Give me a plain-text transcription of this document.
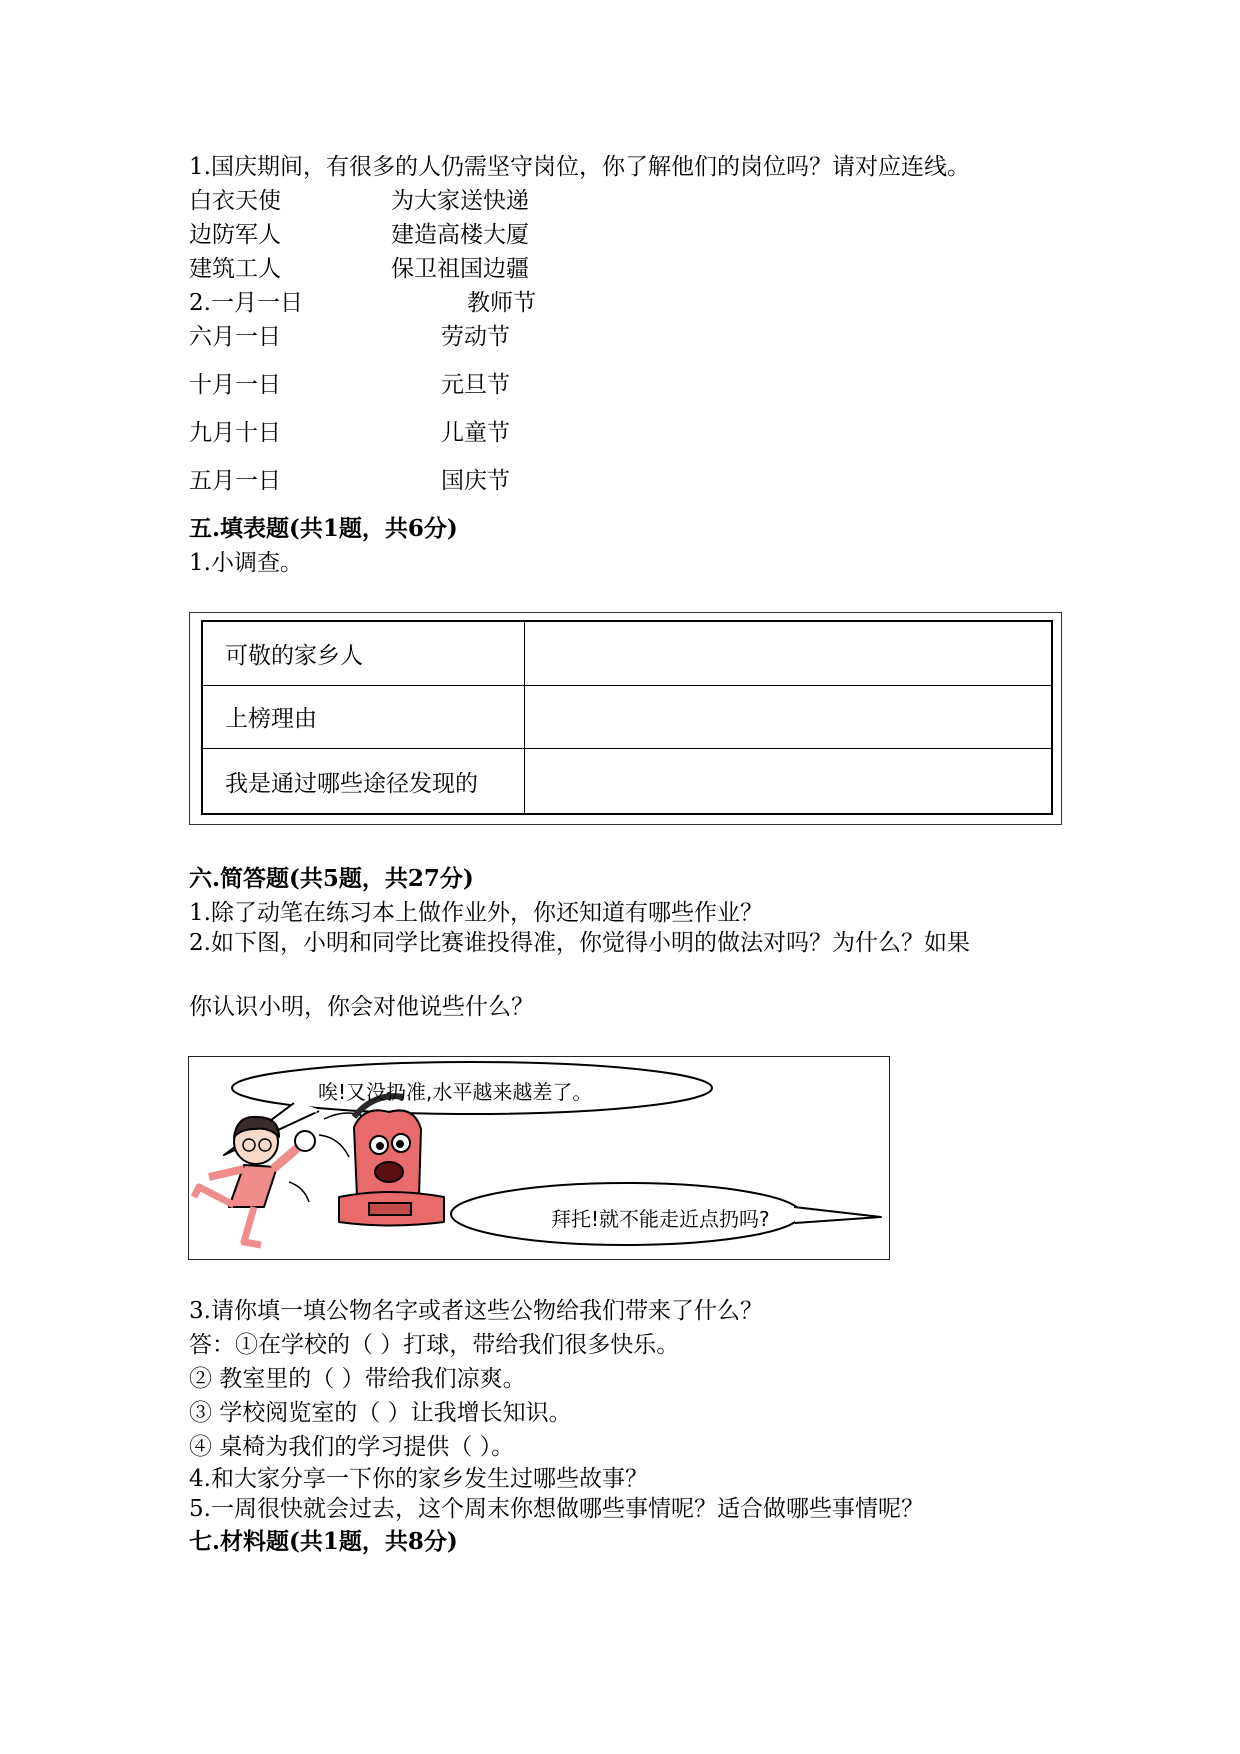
1.国庆期间，有很多的人仍需坚守岗位，你了解他们的岗位吗？请对应连线。
白衣天使	为大家送快递
边防军人	建造高楼大厦
建筑工人	保卫祖国边疆
2.一月一日	教师节
六月一日	劳动节
十月一日	元旦节
九月十日	儿童节
五月一日	国庆节
五.填表题(共1题，共6分)
1.小调查。
可敬的家乡人
上榜理由
我是通过哪些途径发现的
六.简答题(共5题，共27分)
1.除了动笔在练习本上做作业外，你还知道有哪些作业？
2.如下图，小明和同学比赛谁投得准，你觉得小明的做法对吗？为什么？如果
你认识小明，你会对他说些什么？
唉!又没扔准,水平越来越差了。
拜托!就不能走近点扔吗?
3.请你填一填公物名字或者这些公物给我们带来了什么？
答：①在学校的（ ）打球，带给我们很多快乐。
② 教室里的（ ）带给我们凉爽。
③ 学校阅览室的（ ）让我增长知识。
④ 桌椅为我们的学习提供（ ）。
4.和大家分享一下你的家乡发生过哪些故事？
5.一周很快就会过去，这个周末你想做哪些事情呢？适合做哪些事情呢？
七.材料题(共1题，共8分)
